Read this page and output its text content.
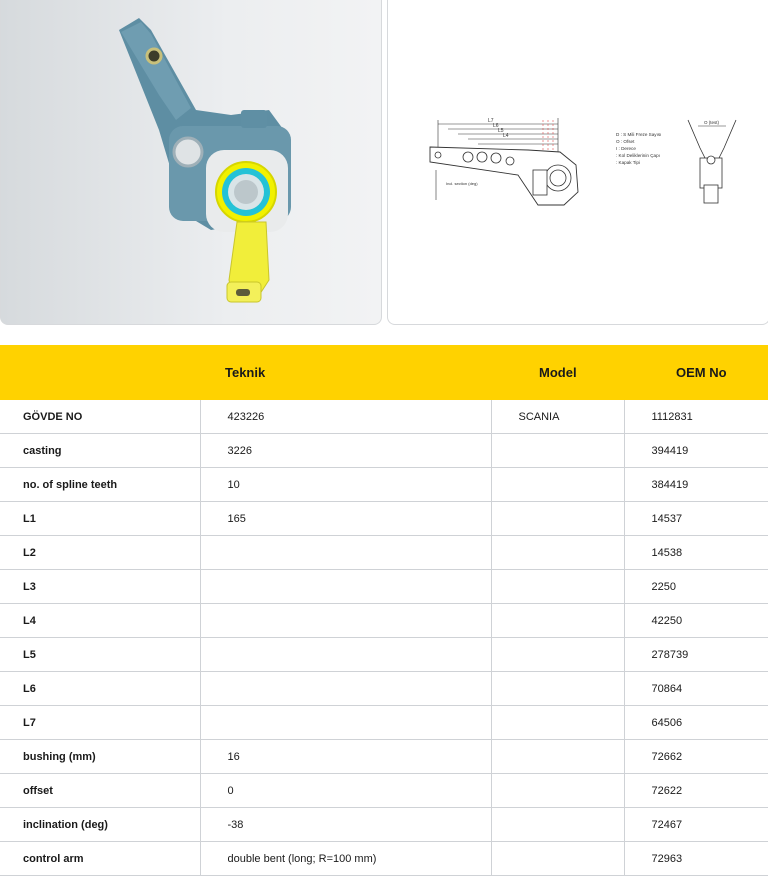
L7
L6
L5
L4
Incl. section (deg)
D : S Mili Freze Sayısı
O : Ofset
I : Derece
: Kol Deliklerinin Çapı
: Kapak Tipi
O (test)
	Teknik	Model	OEM No
GÖVDE NO	423226	SCANIA	1112831
casting	3226		394419
no. of spline teeth	10		384419
L1	165		14537
L2			14538
L3			2250
L4			42250
L5			278739
L6			70864
L7			64506
bushing (mm)	16		72662
offset	0		72622
inclination (deg)	-38		72467
control arm	double bent (long; R=100 mm)		72963
